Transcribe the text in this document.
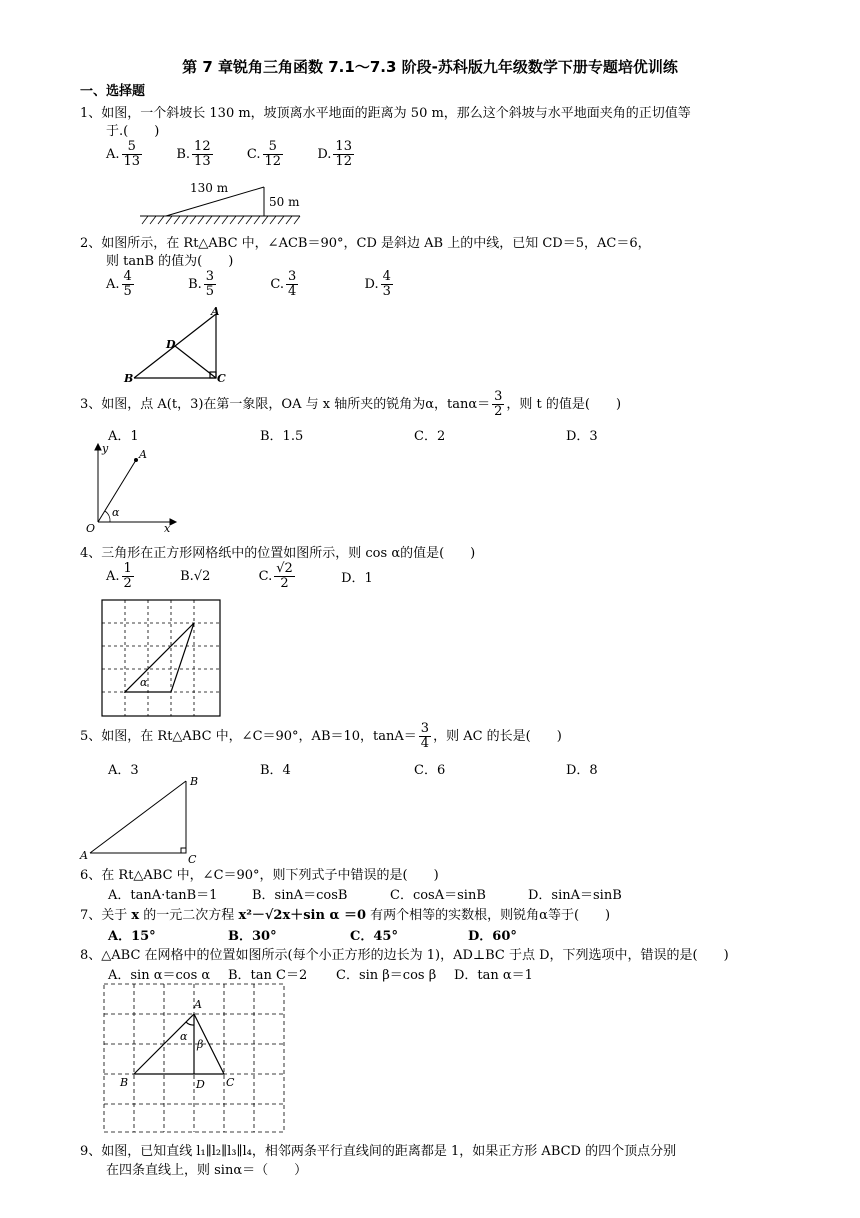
第 7 章锐角三角函数 7.1～7.3 阶段-苏科版九年级数学下册专题培优训练
一、选择题
1、如图，一个斜坡长 130 m，坡顶离水平地面的距离为 50 m，那么这个斜坡与水平地面夹角的正切值等
于.(　　)
A. $\frac{5}{13}$	B. $\frac{12}{13}$	C. $\frac{5}{12}$	D. $\frac{13}{12}$
130 m
50 m
2、如图所示，在 Rt△ABC 中，∠ACB＝90°，CD 是斜边 AB 上的中线，已知 CD＝5，AC＝6，
则 tanB 的值为(　　)
A. $\frac{4}{5}$	B. $\frac{3}{5}$	C. $\frac{3}{4}$	D. $\frac{4}{3}$
A
B	C
D
3、如图，点 A(t，3)在第一象限，OA 与 x 轴所夹的锐角为α，$\tan\alpha= \frac{3}{2}$ ，则 t 的值是(　　)
A．1	B．1.5	C．2	D．3
y
x
O
A
α
4、三角形在正方形网格纸中的位置如图所示，则 cos α的值是(　　)
A. $\frac{1}{2}$	B.√2	C. $\frac{√2}{2}$	D．1
α
5、如图，在 Rt△ABC 中，∠C＝90°，AB＝10，$\tan A= \frac{3}{4}$ ，则 AC 的长是(　　)
A．3	B．4	C．6	D．8
B
A	C
6、在 Rt△ABC 中，∠C＝90°，则下列式子中错误的是(　　)
A．tanA·tanB＝1	B．sinA＝cosB	C．cosA＝sinB	D．sinA＝sinB
7、关于 x 的一元二次方程 x²－√2x＋sin α ＝0 有两个相等的实数根，则锐角α等于(　　)
A．15°	B．30°	C．45°	D．60°
8、△ABC 在网格中的位置如图所示(每个小正方形的边长为 1)，AD⊥BC 于点 D，下列选项中，错误的是(　　)
A．sin α＝cos α B．tan C＝2 C．sin β＝cos β D．tan α＝1
A
B	C
D
α
β
9、如图，已知直线 l₁∥l₂∥l₃∥l₄，相邻两条平行直线间的距离都是 1，如果正方形 ABCD 的四个顶点分别
在四条直线上，则 sinα＝（　　）
